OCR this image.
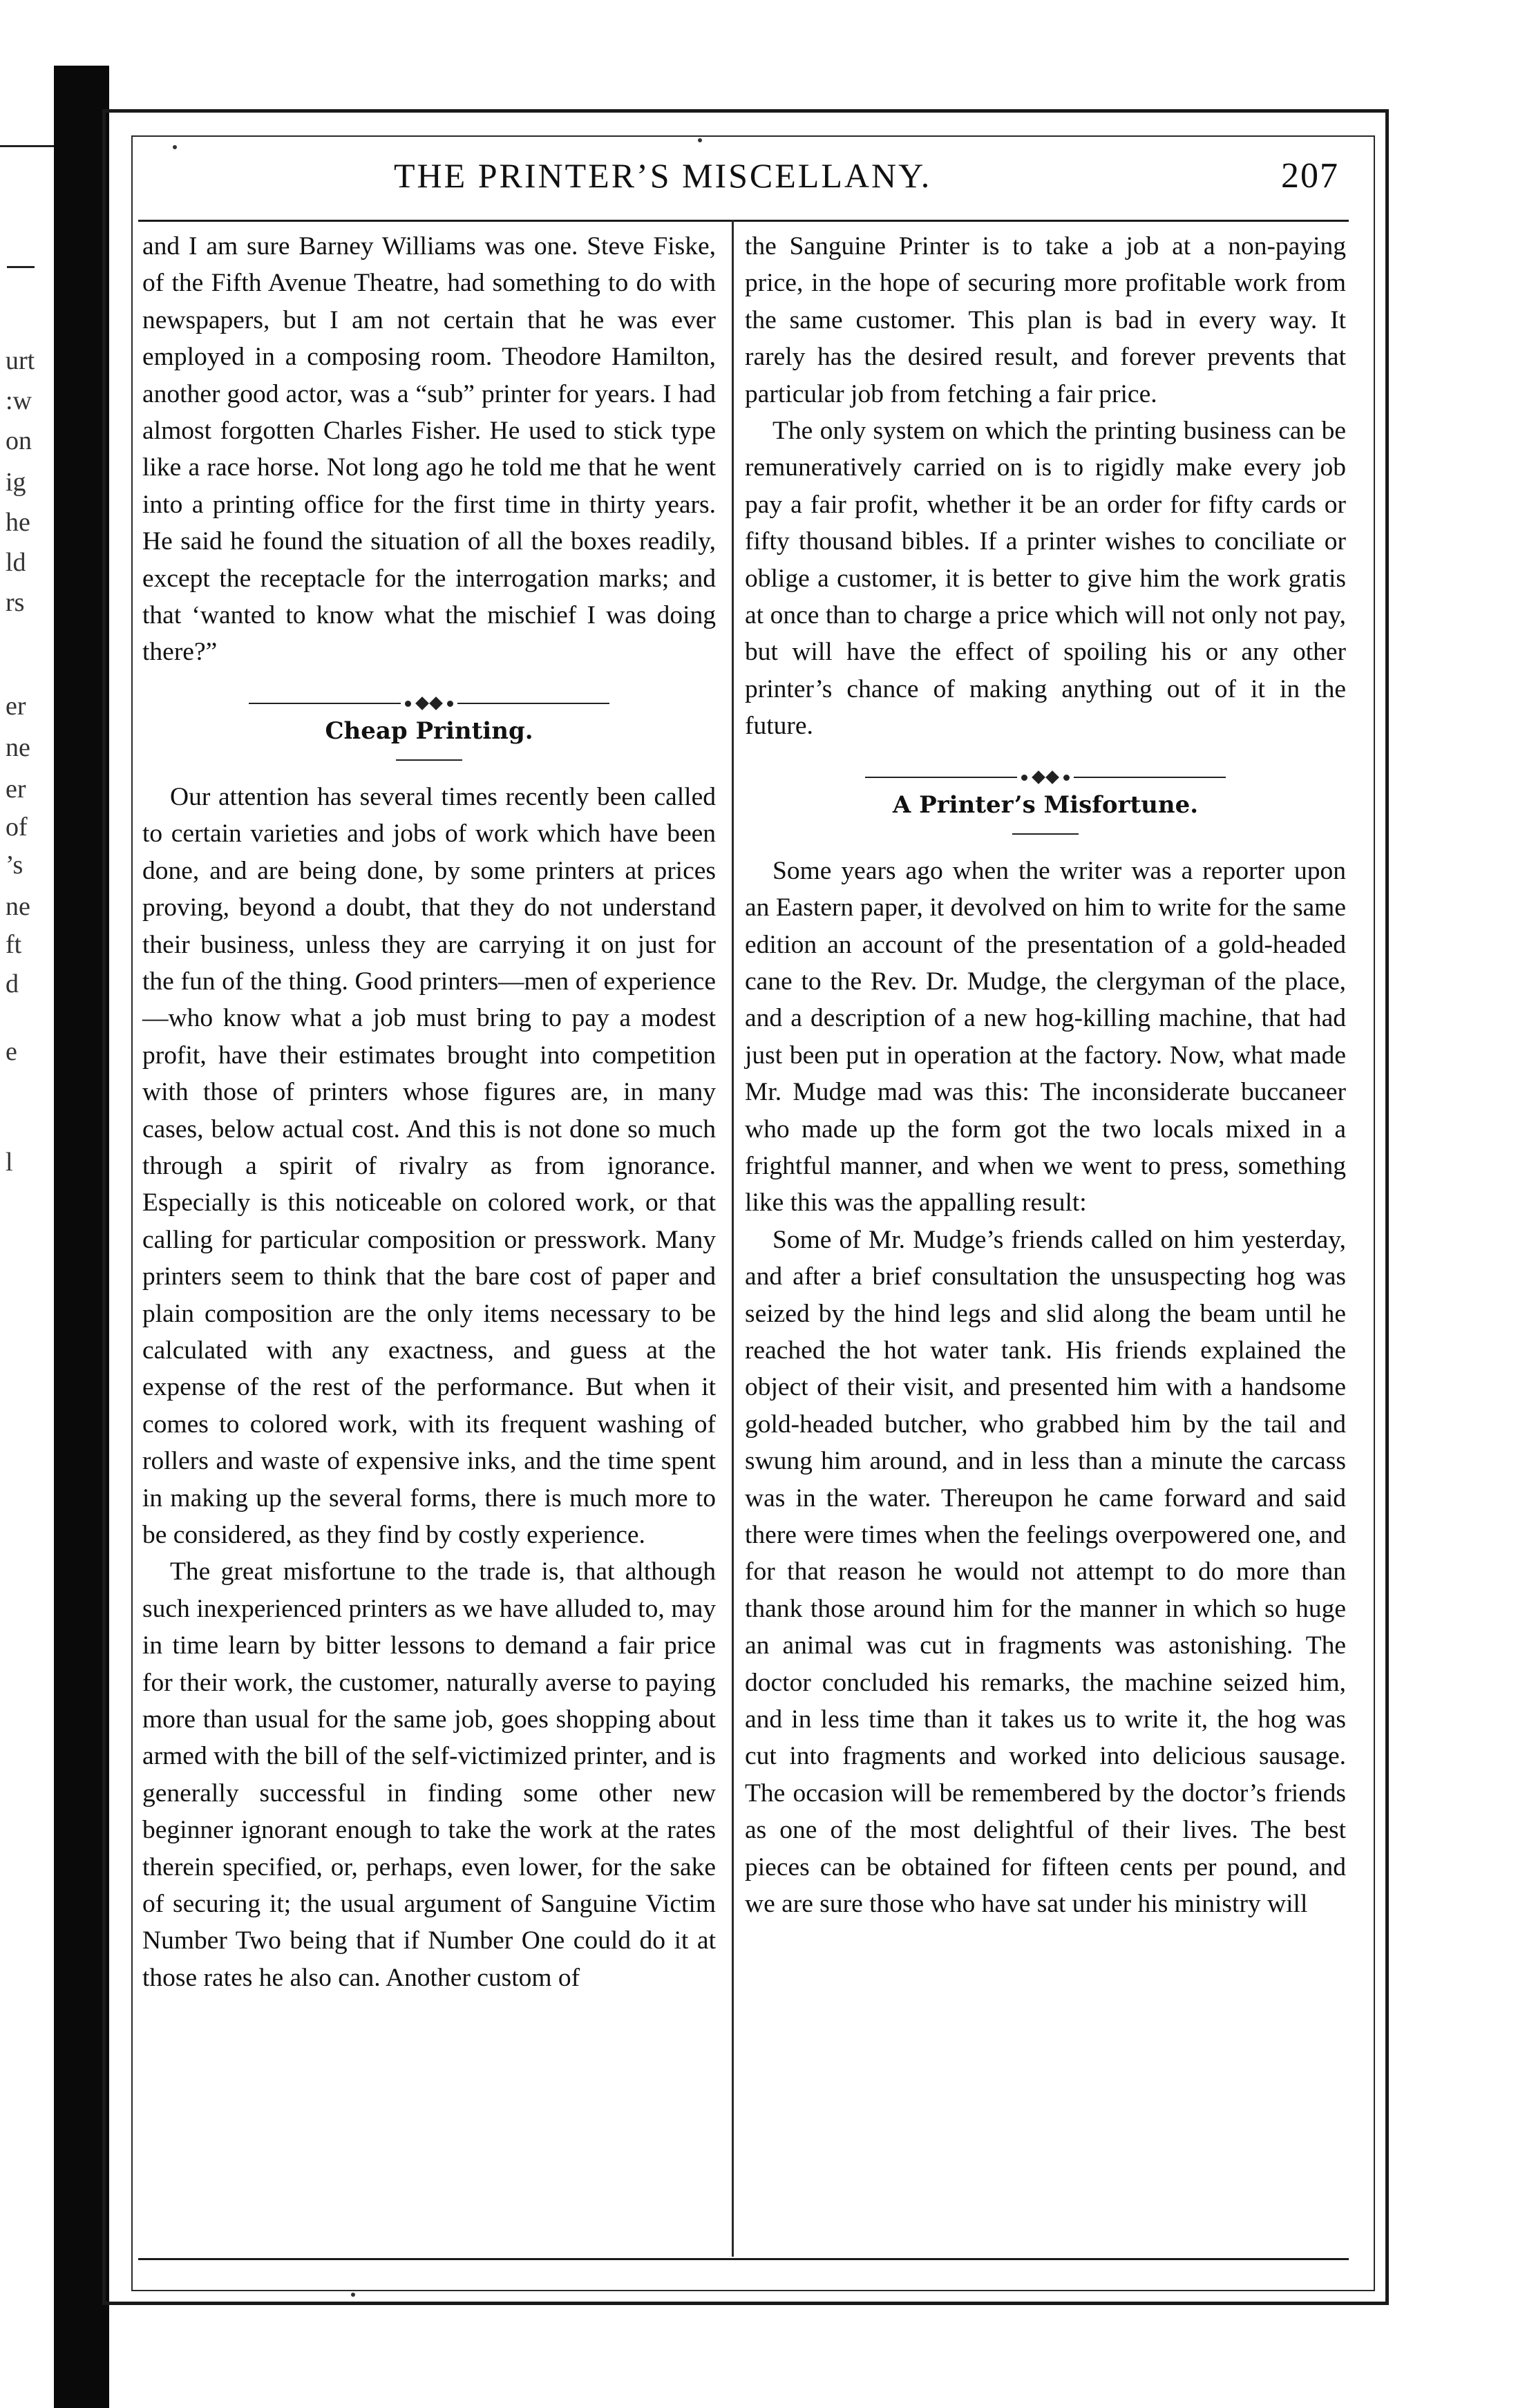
urt
:w
on
ig
he
ld
rs
er
ne
er
of
’s
ne
ft
d
e
l
THE PRINTER’S MISCELLANY.	207

and I am sure Barney Williams was one. Steve Fiske, of the Fifth Avenue Theatre, had something to do with newspapers, but I am not certain that he was ever employed in a composing room. Theodore Hamilton, another good actor, was a “sub” printer for years. I had almost forgotten Charles Fisher. He used to stick type like a race horse. Not long ago he told me that he went into a printing office for the first time in thirty years. He said he found the situation of all the boxes readily, except the receptacle for the interrogation marks; and that ‘wanted to know what the mischief I was doing there?”

Cheap Printing.

Our attention has several times recently been called to certain varieties and jobs of work which have been done, and are being done, by some printers at prices proving, beyond a doubt, that they do not understand their business, unless they are carrying it on just for the fun of the thing. Good printers—men of experience—who know what a job must bring to pay a modest profit, have their estimates brought into competition with those of printers whose figures are, in many cases, below actual cost. And this is not done so much through a spirit of rivalry as from ignorance. Especially is this noticeable on colored work, or that calling for particular composition or presswork. Many printers seem to think that the bare cost of paper and plain composition are the only items necessary to be calculated with any exactness, and guess at the expense of the rest of the performance. But when it comes to colored work, with its frequent washing of rollers and waste of expensive inks, and the time spent in making up the several forms, there is much more to be considered, as they find by costly experience.

The great misfortune to the trade is, that although such inexperienced printers as we have alluded to, may in time learn by bitter lessons to demand a fair price for their work, the customer, naturally averse to paying more than usual for the same job, goes shopping about armed with the bill of the self-victimized printer, and is generally successful in finding some other new beginner ignorant enough to take the work at the rates therein specified, or, perhaps, even lower, for the sake of securing it; the usual argument of Sanguine Victim Number Two being that if Number One could do it at those rates he also can. Another custom of

the Sanguine Printer is to take a job at a non-paying price, in the hope of securing more profitable work from the same customer. This plan is bad in every way. It rarely has the desired result, and forever prevents that particular job from fetching a fair price.

The only system on which the printing business can be remuneratively carried on is to rigidly make every job pay a fair profit, whether it be an order for fifty cards or fifty thousand bibles. If a printer wishes to conciliate or oblige a customer, it is better to give him the work gratis at once than to charge a price which will not only not pay, but will have the effect of spoiling his or any other printer’s chance of making anything out of it in the future.

A Printer’s Misfortune.

Some years ago when the writer was a reporter upon an Eastern paper, it devolved on him to write for the same edition an account of the presentation of a gold-headed cane to the Rev. Dr. Mudge, the clergyman of the place, and a description of a new hog-killing machine, that had just been put in operation at the factory. Now, what made Mr. Mudge mad was this: The inconsiderate buccaneer who made up the form got the two locals mixed in a frightful manner, and when we went to press, something like this was the appalling result:

Some of Mr. Mudge’s friends called on him yesterday, and after a brief consultation the unsuspecting hog was seized by the hind legs and slid along the beam until he reached the hot water tank. His friends explained the object of their visit, and presented him with a handsome gold-headed butcher, who grabbed him by the tail and swung him around, and in less than a minute the carcass was in the water. Thereupon he came forward and said there were times when the feelings overpowered one, and for that reason he would not attempt to do more than thank those around him for the manner in which so huge an animal was cut in fragments was astonishing. The doctor concluded his remarks, the machine seized him, and in less time than it takes us to write it, the hog was cut into fragments and worked into delicious sausage. The occasion will be remembered by the doctor’s friends as one of the most delightful of their lives. The best pieces can be obtained for fifteen cents per pound, and we are sure those who have sat under his ministry will
